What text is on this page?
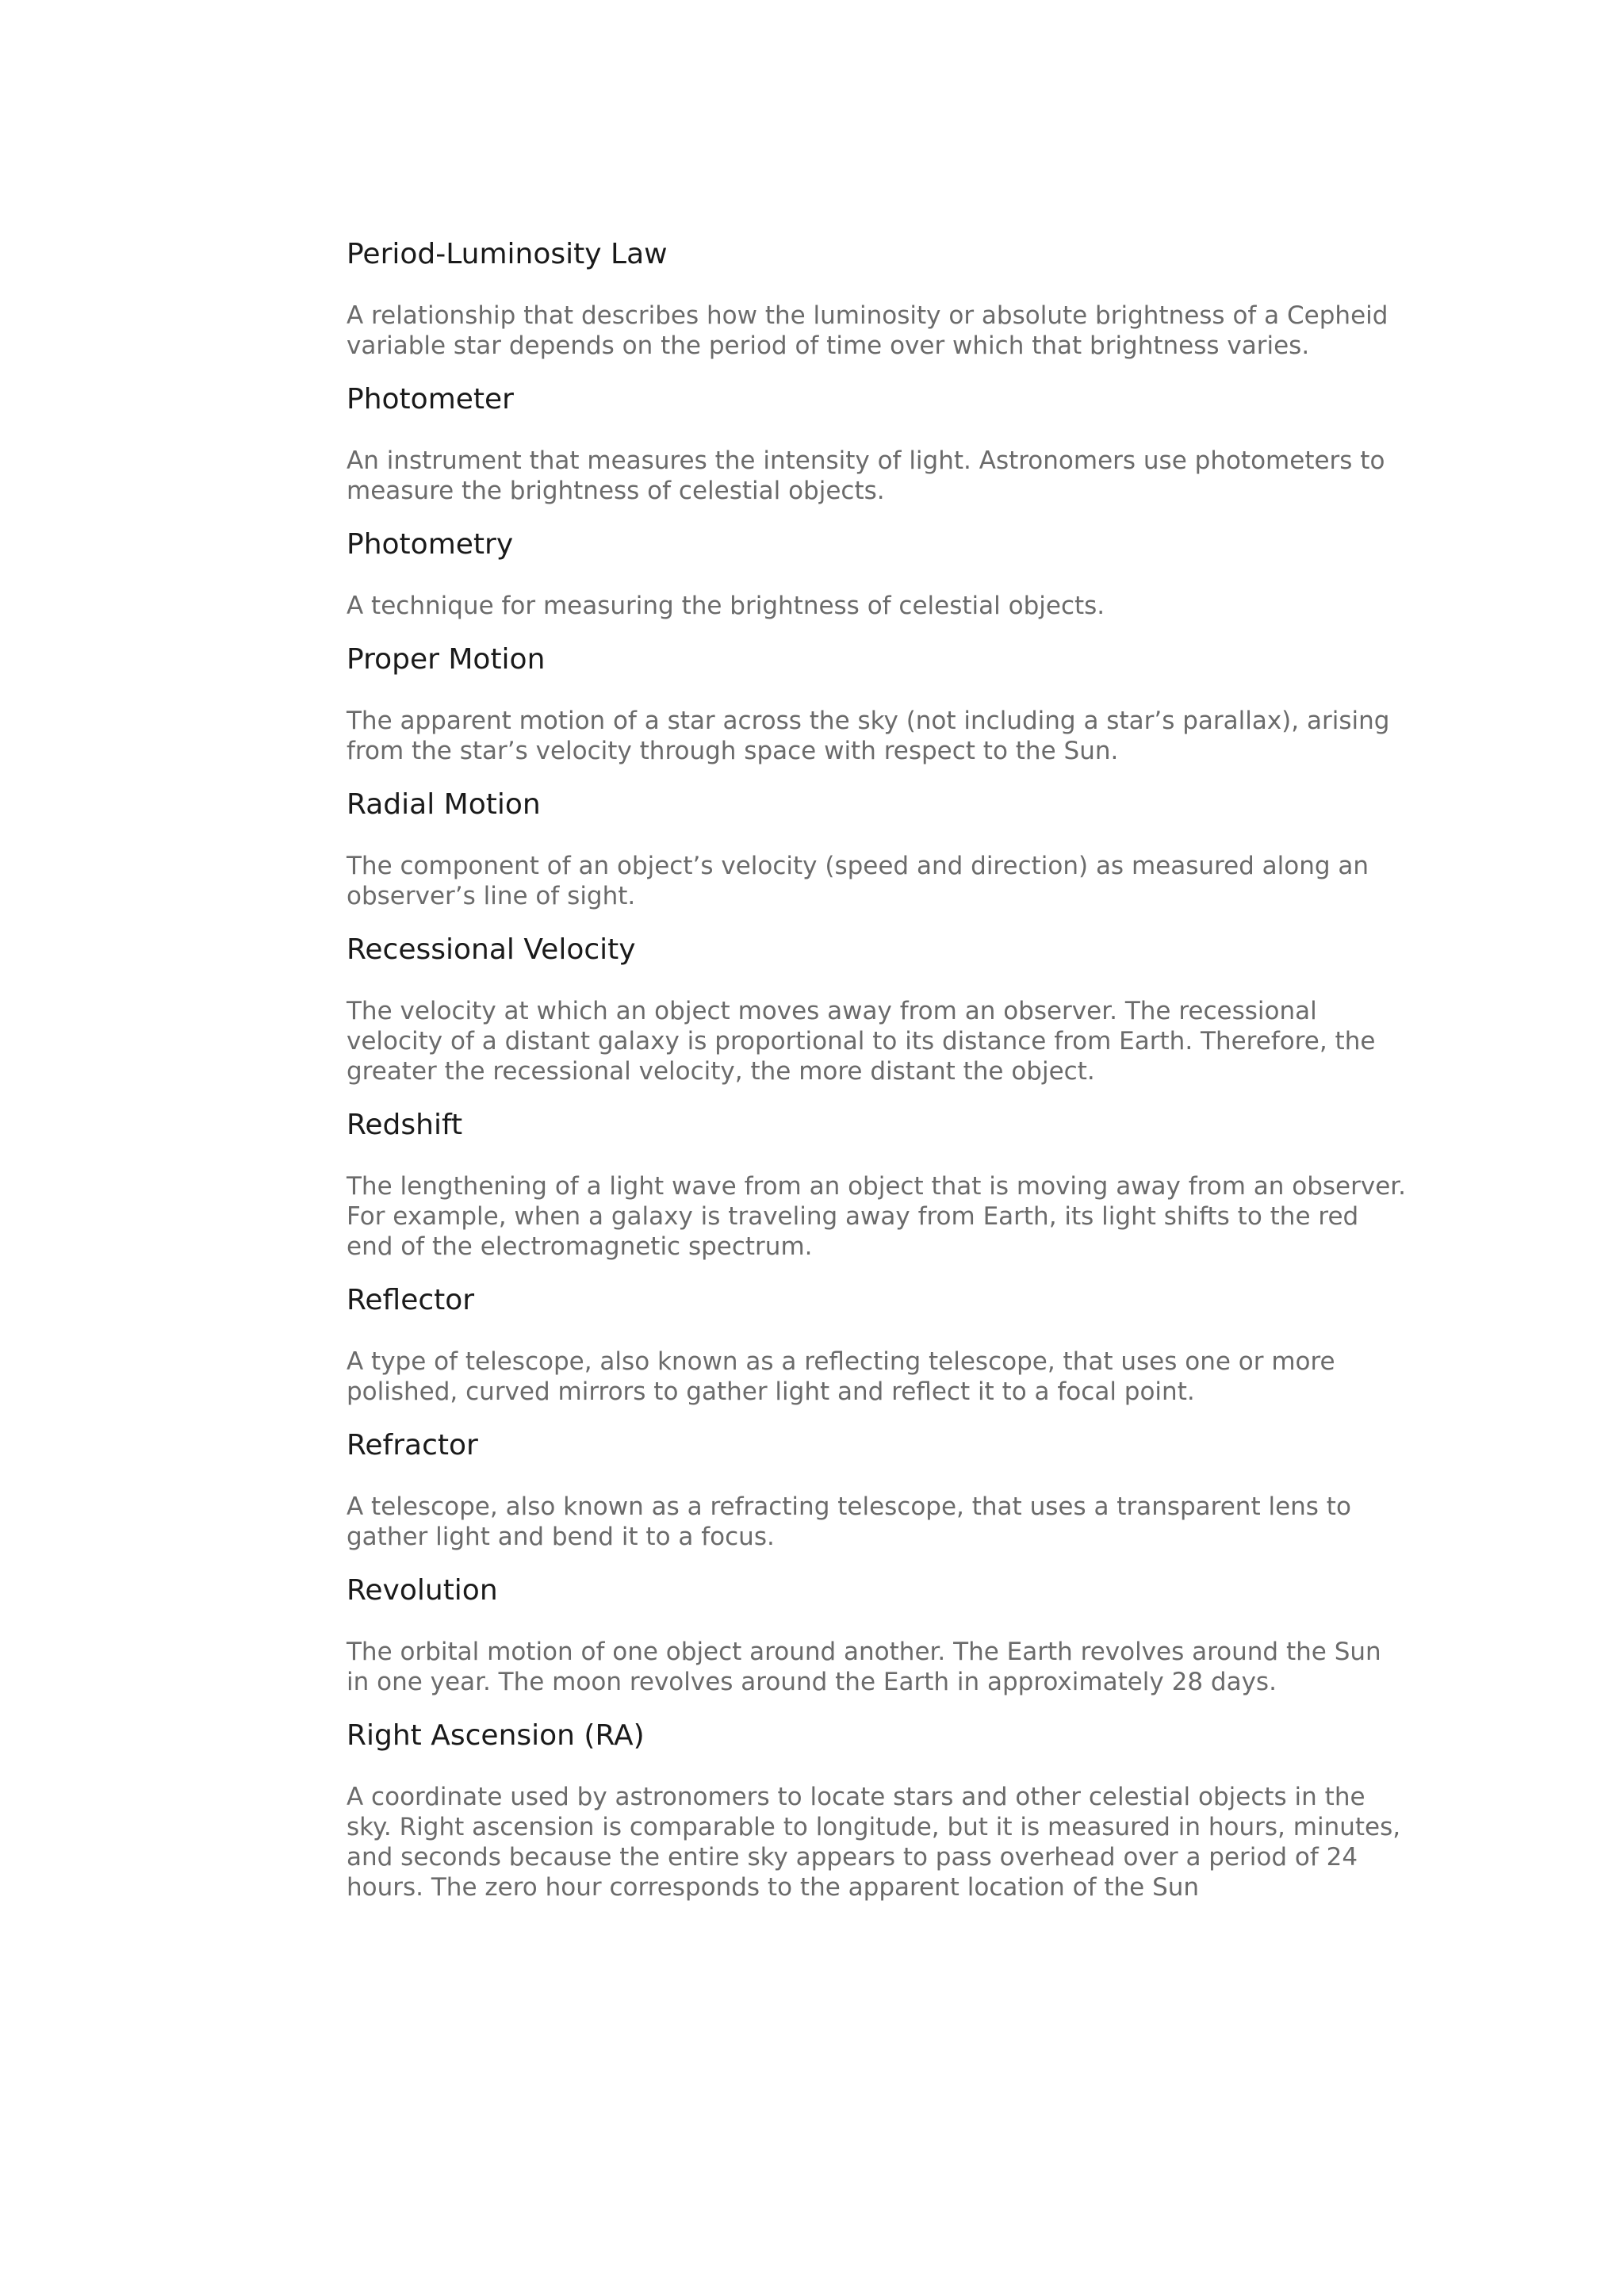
Period-Luminosity Law

A relationship that describes how the luminosity or absolute brightness of a Cepheid variable star depends on the period of time over which that brightness varies.

Photometer

An instrument that measures the intensity of light. Astronomers use photometers to measure the brightness of celestial objects.

Photometry

A technique for measuring the brightness of celestial objects.

Proper Motion

The apparent motion of a star across the sky (not including a star’s parallax), arising from the star’s velocity through space with respect to the Sun.

Radial Motion

The component of an object’s velocity (speed and direction) as measured along an observer’s line of sight.

Recessional Velocity

The velocity at which an object moves away from an observer. The recessional velocity of a distant galaxy is proportional to its distance from Earth. Therefore, the greater the recessional velocity, the more distant the object.

Redshift

The lengthening of a light wave from an object that is moving away from an observer. For example, when a galaxy is traveling away from Earth, its light shifts to the red end of the electromagnetic spectrum.

Reflector

A type of telescope, also known as a reflecting telescope, that uses one or more polished, curved mirrors to gather light and reflect it to a focal point.

Refractor

A telescope, also known as a refracting telescope, that uses a transparent lens to gather light and bend it to a focus.

Revolution

The orbital motion of one object around another. The Earth revolves around the Sun in one year. The moon revolves around the Earth in approximately 28 days.

Right Ascension (RA)

A coordinate used by astronomers to locate stars and other celestial objects in the sky. Right ascension is comparable to longitude, but it is measured in hours, minutes, and seconds because the entire sky appears to pass overhead over a period of 24 hours. The zero hour corresponds to the apparent location of the Sun
